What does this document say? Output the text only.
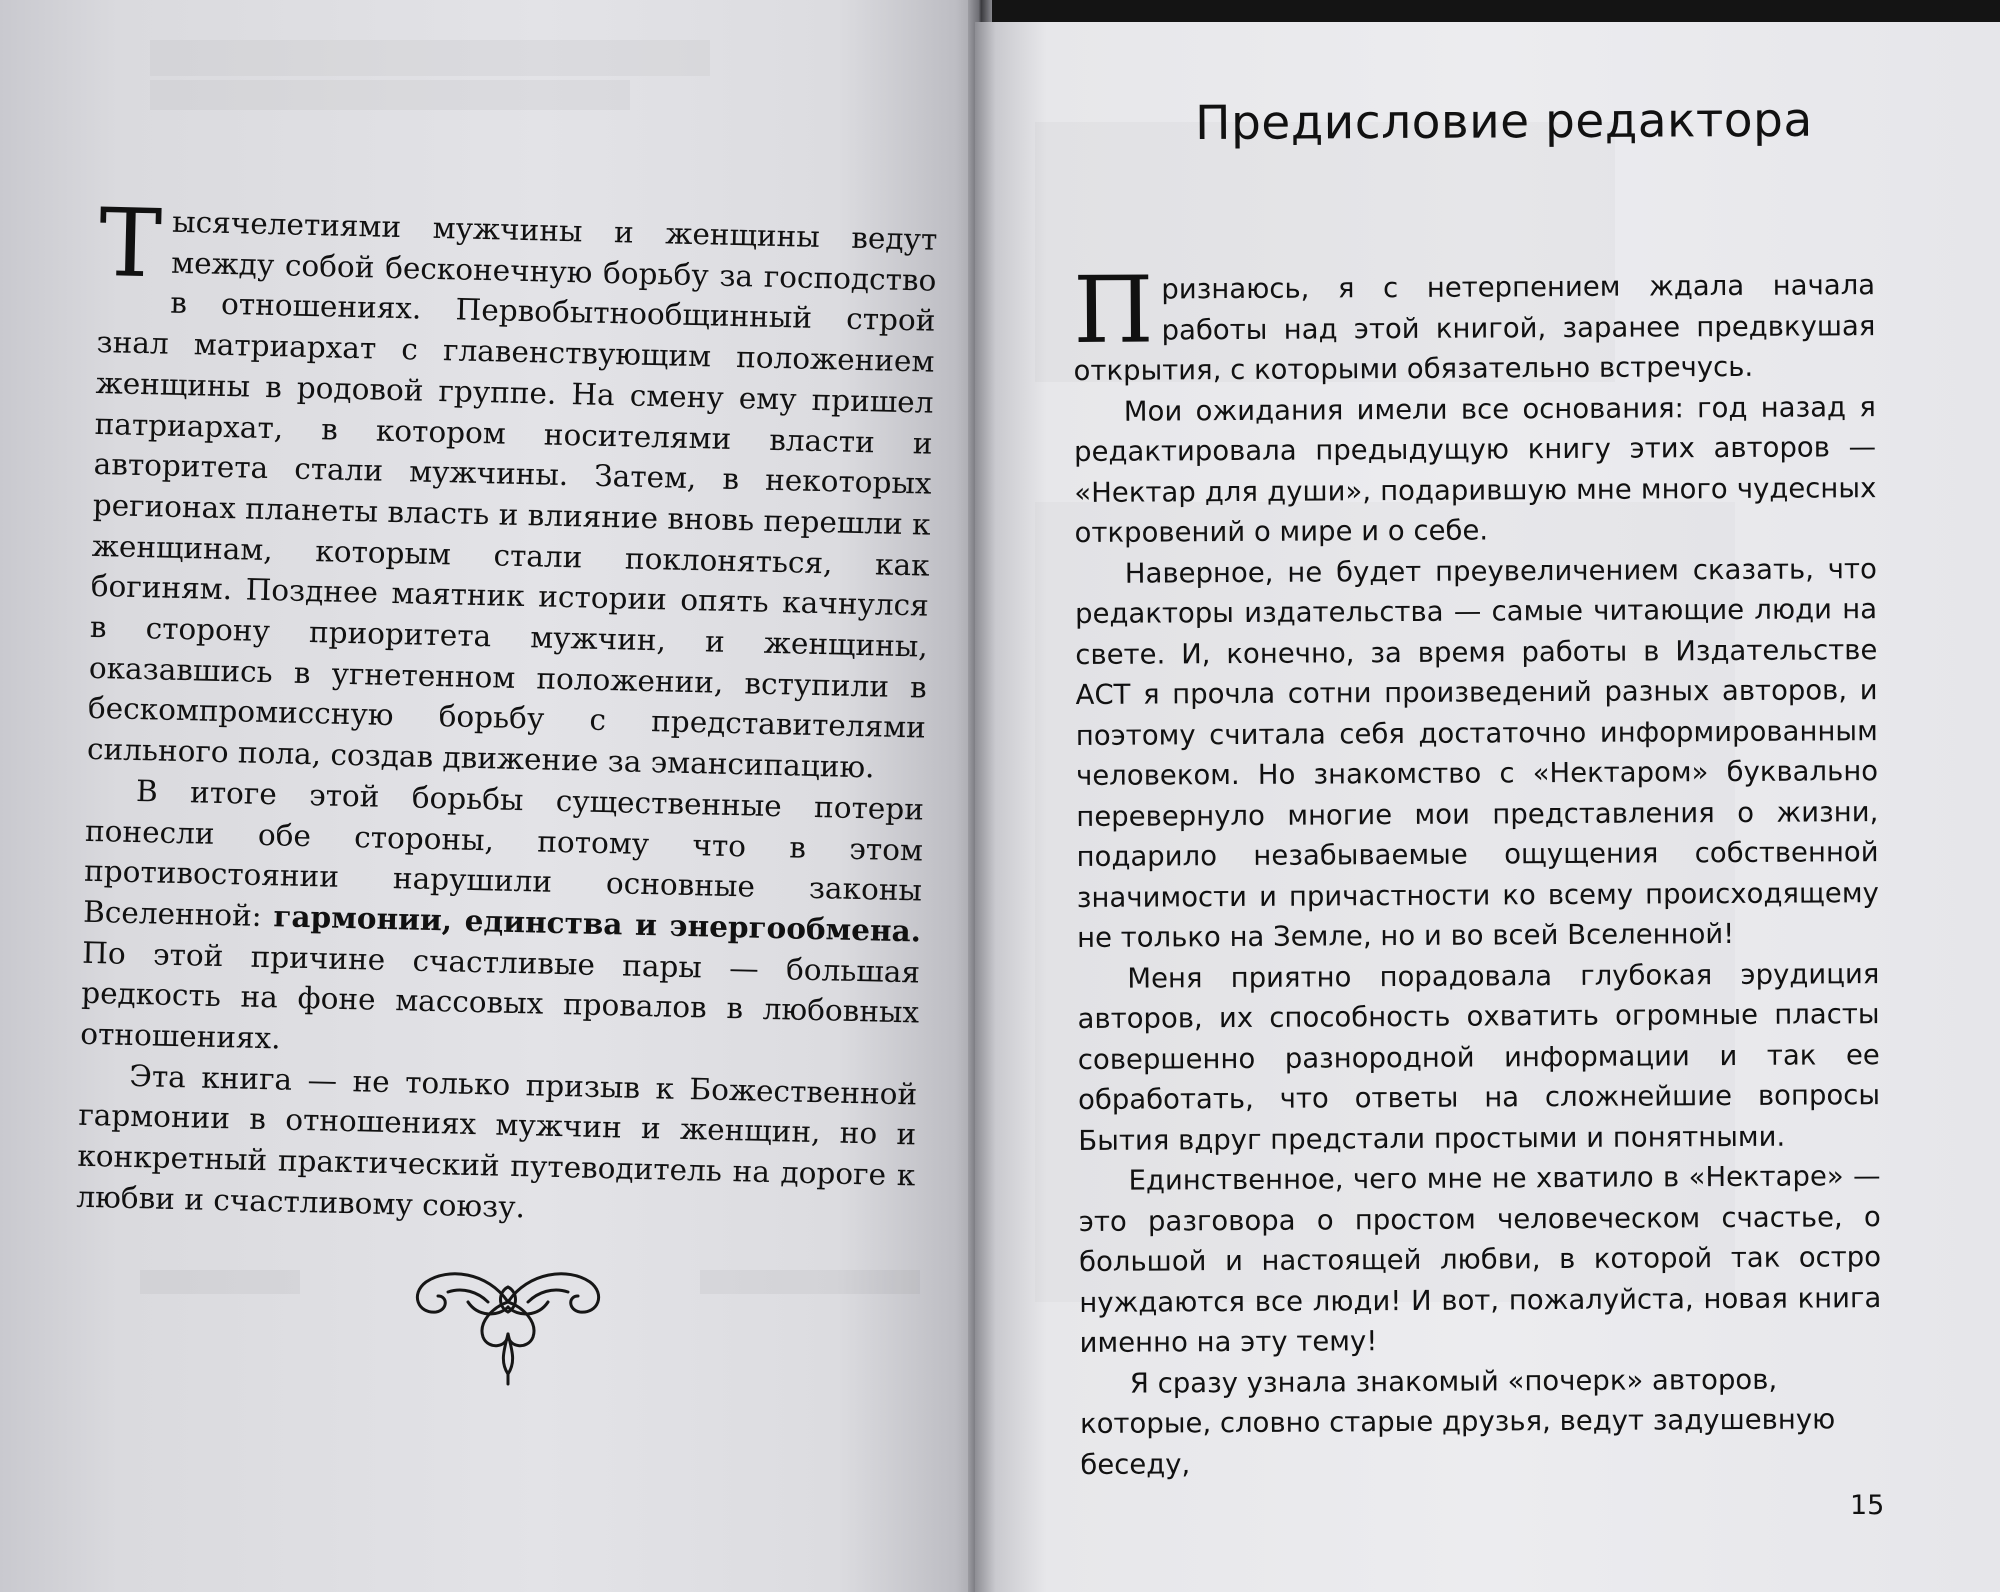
Тысячелетиями мужчины и женщины ведут между собой бесконечную борьбу за господство в отношениях. Первобытнообщинный строй знал матриархат с главенствующим положением женщины в родовой группе. На смену ему пришел патриархат, в котором носителями власти и авторитета стали мужчины. Затем, в некоторых регионах планеты власть и влияние вновь перешли к женщинам, которым стали поклоняться, как богиням. Позднее маятник истории опять качнулся в сторону приоритета мужчин, и женщины, оказавшись в угнетенном положении, вступили в бескомпромиссную борьбу с представителями сильного пола, создав движение за эмансипацию.

В итоге этой борьбы существенные потери понесли обе стороны, потому что в этом противостоянии нарушили основные законы Вселенной: гармонии, единства и энергообмена. По этой причине счастливые пары — большая редкость на фоне массовых провалов в любовных отношениях.

Эта книга — не только призыв к Божественной гармонии в отношениях мужчин и женщин, но и конкретный практический путеводитель на дороге к любви и счастливому союзу.

Предисловие редактора

Признаюсь, я с нетерпением ждала начала работы над этой книгой, заранее предвкушая открытия, с которыми обязательно встречусь.

Мои ожидания имели все основания: год назад я редактировала предыдущую книгу этих авторов — «Нектар для души», подарившую мне много чудесных откровений о мире и о себе.

Наверное, не будет преувеличением сказать, что редакторы издательства — самые читающие люди на свете. И, конечно, за время работы в Издательстве АСТ я прочла сотни произведений разных авторов, и поэтому считала себя достаточно информированным человеком. Но знакомство с «Нектаром» буквально перевернуло многие мои представления о жизни, подарило незабываемые ощущения собственной значимости и причастности ко всему происходящему не только на Земле, но и во всей Вселенной!

Меня приятно порадовала глубокая эрудиция авторов, их способность охватить огромные пласты совершенно разнородной информации и так ее обработать, что ответы на сложнейшие вопросы Бытия вдруг предстали простыми и понятными.

Единственное, чего мне не хватило в «Нектаре» — это разговора о простом человеческом счастье, о большой и настоящей любви, в которой так остро нуждаются все люди! И вот, пожалуйста, новая книга именно на эту тему!

Я сразу узнала знакомый «почерк» авторов, которые, словно старые друзья, ведут задушевную беседу,

15
